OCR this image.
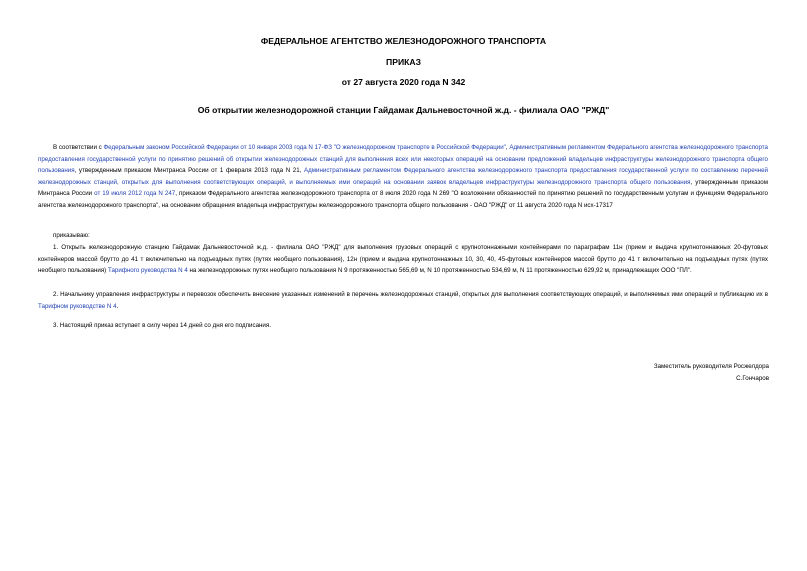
ФЕДЕРАЛЬНОЕ АГЕНТСТВО ЖЕЛЕЗНОДОРОЖНОГО ТРАНСПОРТА
ПРИКАЗ
от 27 августа 2020 года N 342
Об открытии железнодорожной станции Гайдамак Дальневосточной ж.д. - филиала ОАО "РЖД"

В соответствии с Федеральным законом Российской Федерации от 10 января 2003 года N 17-ФЗ "О железнодорожном транспорте в Российской Федерации", Административным регламентом Федерального агентства железнодорожного транспорта предоставления государственной услуги по принятию решений об открытии железнодорожных станций для выполнения всех или некоторых операций на основании предложений владельцев инфраструктуры железнодорожного транспорта общего пользования, утвержденным приказом Минтранса России от 1 февраля 2013 года N 21, Административным регламентом Федерального агентства железнодорожного транспорта предоставления государственной услуги по составлению перечней железнодорожных станций, открытых для выполнения соответствующих операций, и выполняемых ими операций на основании заявок владельцев инфраструктуры железнодорожного транспорта общего пользования, утвержденным приказом Минтранса России от 19 июля 2012 года N 247, приказом Федерального агентства железнодорожного транспорта от 8 июля 2020 года N 269 "О возложении обязанностей по принятию решений по государственным услугам и функциям Федерального агентства железнодорожного транспорта", на основании обращения владельца инфраструктуры железнодорожного транспорта общего пользования - ОАО "РЖД" от 11 августа 2020 года N исх-17317

приказываю:

1. Открыть железнодорожную станцию Гайдамак Дальневосточной ж.д. - филиала ОАО "РЖД" для выполнения грузовых операций с крупнотоннажными контейнерами по параграфам 11н (прием и выдача крупнотоннажных 20-футовых контейнеров массой брутто до 41 т включительно на подъездных путях (путях необщего пользования), 12н (прием и выдача крупнотоннажных 10, 30, 40, 45-футовых контейнеров массой брутто до 41 т включительно на подъездных путях (путях необщего пользования) Тарифного руководства N 4 на железнодорожных путях необщего пользования N 9 протяженностью 565,69 м, N 10 протяженностью 534,69 м, N 11 протяженностью 629,92 м, принадлежащих ООО "ПЛ".

2. Начальнику управления инфраструктуры и перевозок обеспечить внесение указанных изменений в перечень железнодорожных станций, открытых для выполнения соответствующих операций, и выполняемых ими операций и публикацию их в Тарифном руководстве N 4.

3. Настоящий приказ вступает в силу через 14 дней со дня его подписания.

Заместитель руководителя Росжелдора
С.Гончаров
